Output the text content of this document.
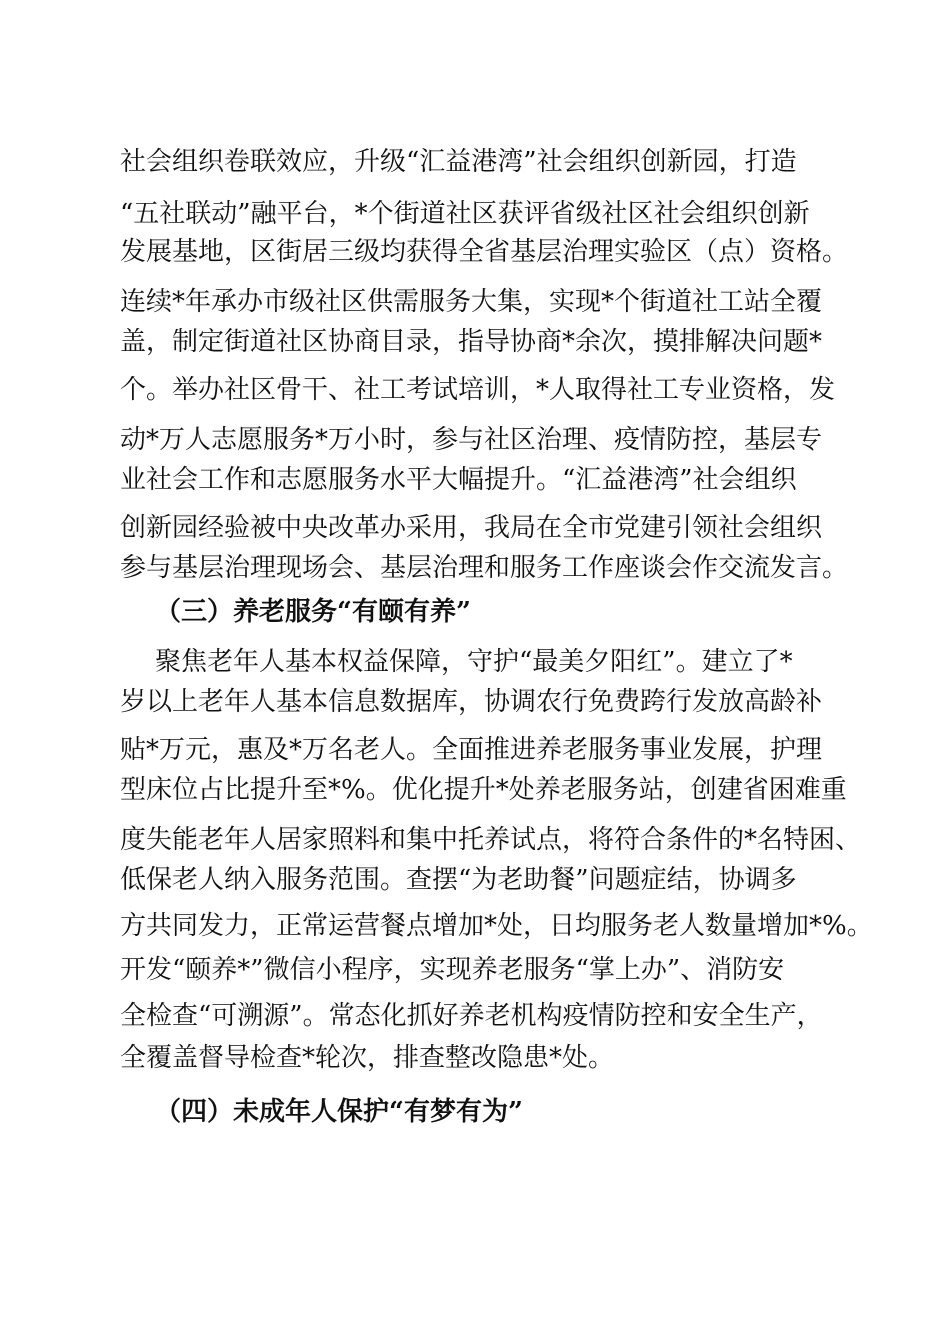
社会组织卷联效应，升级“汇益港湾”社会组织创新园，打造
“五社联动”融平台，*个街道社区获评省级社区社会组织创新
发展基地，区街居三级均获得全省基层治理实验区（点）资格。
连续*年承办市级社区供需服务大集，实现*个街道社工站全覆
盖，制定街道社区协商目录，指导协商*余次，摸排解决问题*
个。举办社区骨干、社工考试培训，*人取得社工专业资格，发
动*万人志愿服务*万小时，参与社区治理、疫情防控，基层专
业社会工作和志愿服务水平大幅提升。“汇益港湾”社会组织
创新园经验被中央改革办采用，我局在全市党建引领社会组织
参与基层治理现场会、基层治理和服务工作座谈会作交流发言。
（三）养老服务“有颐有养”
聚焦老年人基本权益保障，守护“最美夕阳红”。建立了*
岁以上老年人基本信息数据库，协调农行免费跨行发放高龄补
贴*万元，惠及*万名老人。全面推进养老服务事业发展，护理
型床位占比提升至*%。优化提升*处养老服务站，创建省困难重
度失能老年人居家照料和集中托养试点，将符合条件的*名特困、
低保老人纳入服务范围。查摆“为老助餐”问题症结，协调多
方共同发力，正常运营餐点增加*处，日均服务老人数量增加*%。
开发“颐养*”微信小程序，实现养老服务“掌上办”、消防安
全检查“可溯源”。常态化抓好养老机构疫情防控和安全生产，
全覆盖督导检查*轮次，排查整改隐患*处。
（四）未成年人保护“有梦有为”
